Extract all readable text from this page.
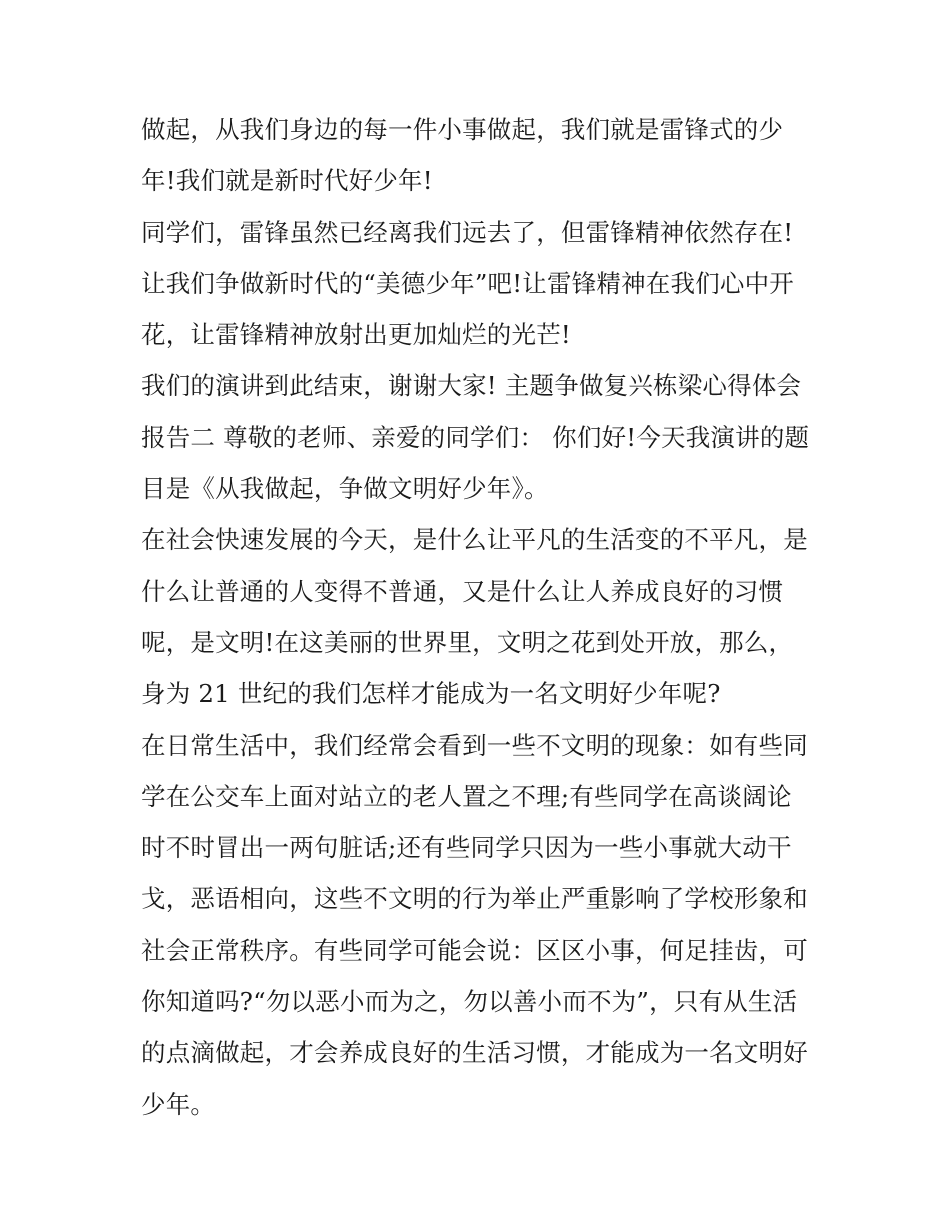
做起，从我们身边的每一件小事做起，我们就是雷锋式的少
年!我们就是新时代好少年!
同学们，雷锋虽然已经离我们远去了，但雷锋精神依然存在!
让我们争做新时代的“美德少年”吧!让雷锋精神在我们心中开
花，让雷锋精神放射出更加灿烂的光芒!
我们的演讲到此结束，谢谢大家! 主题争做复兴栋梁心得体会
报告二 尊敬的老师、亲爱的同学们： 你们好!今天我演讲的题
目是《从我做起，争做文明好少年》。
在社会快速发展的今天，是什么让平凡的生活变的不平凡，是
什么让普通的人变得不普通，又是什么让人养成良好的习惯
呢，是文明!在这美丽的世界里，文明之花到处开放，那么，
身为 21 世纪的我们怎样才能成为一名文明好少年呢?
在日常生活中，我们经常会看到一些不文明的现象：如有些同
学在公交车上面对站立的老人置之不理;有些同学在高谈阔论
时不时冒出一两句脏话;还有些同学只因为一些小事就大动干
戈，恶语相向，这些不文明的行为举止严重影响了学校形象和
社会正常秩序。有些同学可能会说：区区小事，何足挂齿，可
你知道吗?“勿以恶小而为之，勿以善小而不为”，只有从生活
的点滴做起，才会养成良好的生活习惯，才能成为一名文明好
少年。
